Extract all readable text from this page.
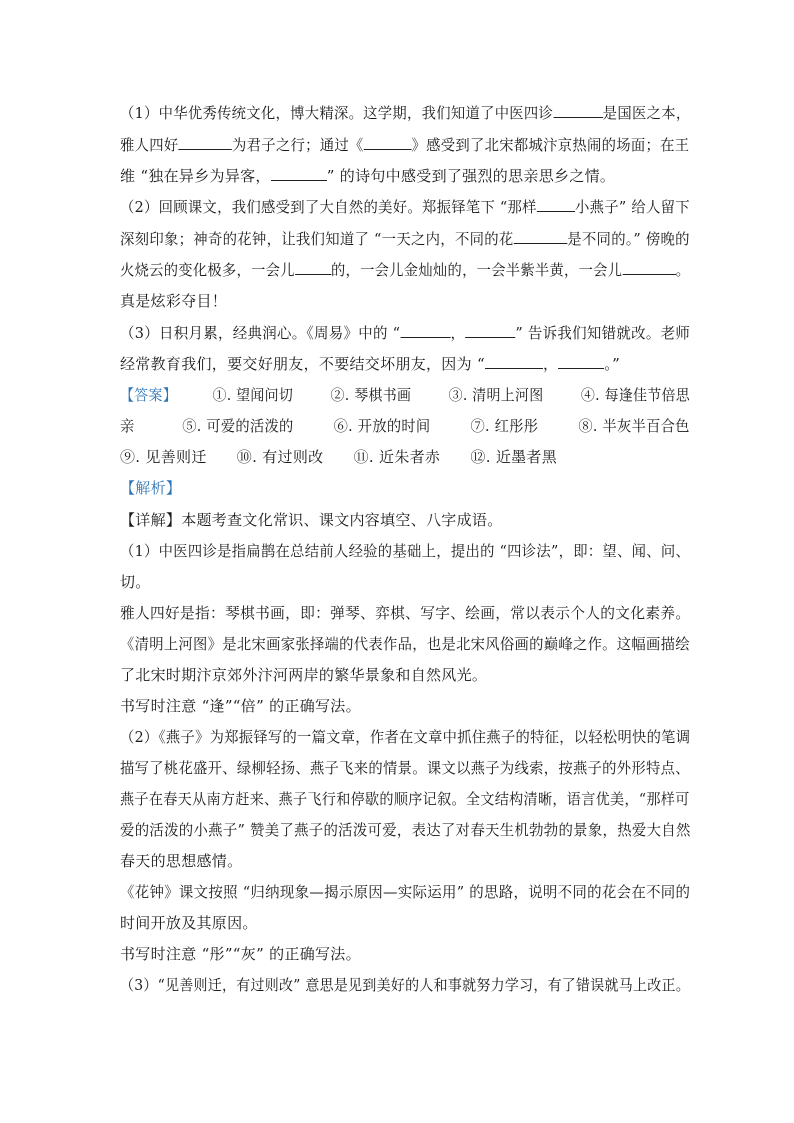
（1）中华优秀传统文化，博大精深。这学期，我们知道了中医四诊	是国医之本，
雅人四好	为君子之行；通过《	》感受到了北宋都城汴京热闹的场面；在王
维 “独在异乡为异客，	” 的诗句中感受到了强烈的思亲思乡之情。
（2）回顾课文，我们感受到了大自然的美好。郑振铎笔下 “那样	小燕子” 给人留下
深刻印象；神奇的花钟，让我们知道了 “一天之内，不同的花	是不同的。” 傍晚的
火烧云的变化极多，一会儿 的，一会儿金灿灿的，一会半紫半黄，一会儿	。
真是炫彩夺目！
（3）日积月累，经典润心。《周易》中的 “	，	” 告诉我们知错就改。老师
经常教育我们，要交好朋友，不要结交坏朋友，因为 “	，	。”
【答案】 ①. 望闻问切 ②. 琴棋书画 ③. 清明上河图 ④. 每逢佳节倍思
亲	⑤. 可爱的活泼的	⑥. 开放的时间	⑦. 红彤彤	⑧. 半灰半百合色
⑨. 见善则迁 ⑩. 有过则改 ⑪. 近朱者赤 ⑫. 近墨者黑
【解析】
【详解】本题考查文化常识、课文内容填空、八字成语。
（1）中医四诊是指扁鹊在总结前人经验的基础上，提出的 “四诊法”，即：望、闻、问、
切。
雅人四好是指：琴棋书画，即：弹琴、弈棋、写字、绘画，常以表示个人的文化素养。
《清明上河图》是北宋画家张择端的代表作品，也是北宋风俗画的巅峰之作。这幅画描绘
了北宋时期汴京郊外汴河两岸的繁华景象和自然风光。
书写时注意 “逢”“倍” 的正确写法。
（2）《燕子》为郑振铎写的一篇文章，作者在文章中抓住燕子的特征，以轻松明快的笔调
描写了桃花盛开、绿柳轻扬、燕子飞来的情景。课文以燕子为线索，按燕子的外形特点、
燕子在春天从南方赶来、燕子飞行和停歇的顺序记叙。全文结构清晰，语言优美，“那样可
爱的活泼的小燕子” 赞美了燕子的活泼可爱，表达了对春天生机勃勃的景象，热爱大自然
春天的思想感情。
《花钟》课文按照 “归纳现象—揭示原因—实际运用” 的思路，说明不同的花会在不同的
时间开放及其原因。
书写时注意 “彤”“灰” 的正确写法。
（3）“见善则迁，有过则改” 意思是见到美好的人和事就努力学习，有了错误就马上改正。
